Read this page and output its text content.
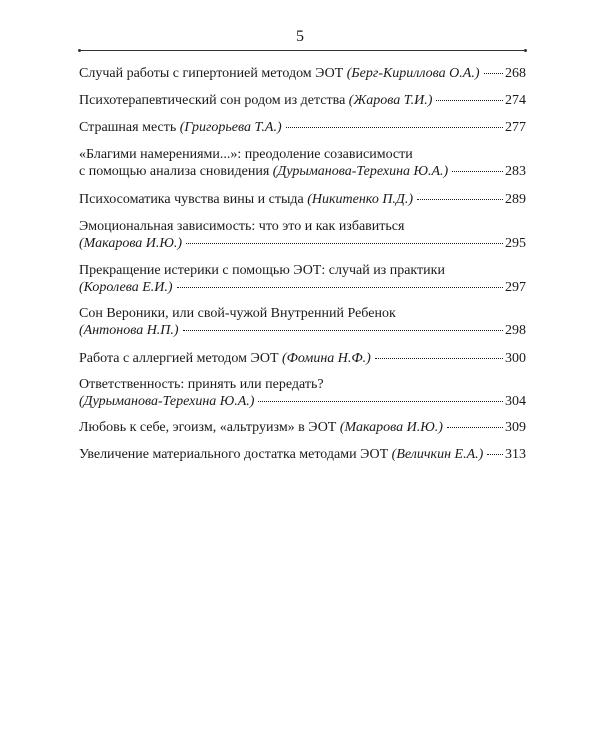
5
Случай работы с гипертонией методом ЭОТ
(Берг-Кириллова О.А.) 268
Психотерапевтический сон родом из детства
(Жарова Т.И.)	274
Страшная месть
(Григорьева Т.А.)	277
«Благими намерениями...»: преодоление созависимости
с помощью анализа сновидения
(Дурыманова-Терехина Ю.А.)	283
Психосоматика чувства вины и стыда
(Никитенко П.Д.)	289
Эмоциональная зависимость: что это и как избавиться
(Макарова И.Ю.)	295
Прекращение истерики с помощью ЭОТ: случай из практики
(Королева Е.И.)	297
Сон Вероники, или свой-чужой Внутренний Ребенок
(Антонова Н.П.)	298
Работа с аллергией методом ЭОТ
(Фомина Н.Ф.)	300
Ответственность: принять или передать?
(Дурыманова-Терехина Ю.А.)	304
Любовь к себе, эгоизм, «альтруизм» в ЭОТ
(Макарова И.Ю.)	309
Увеличение материального достатка методами ЭОТ
(Величкин Е.А.) 313
